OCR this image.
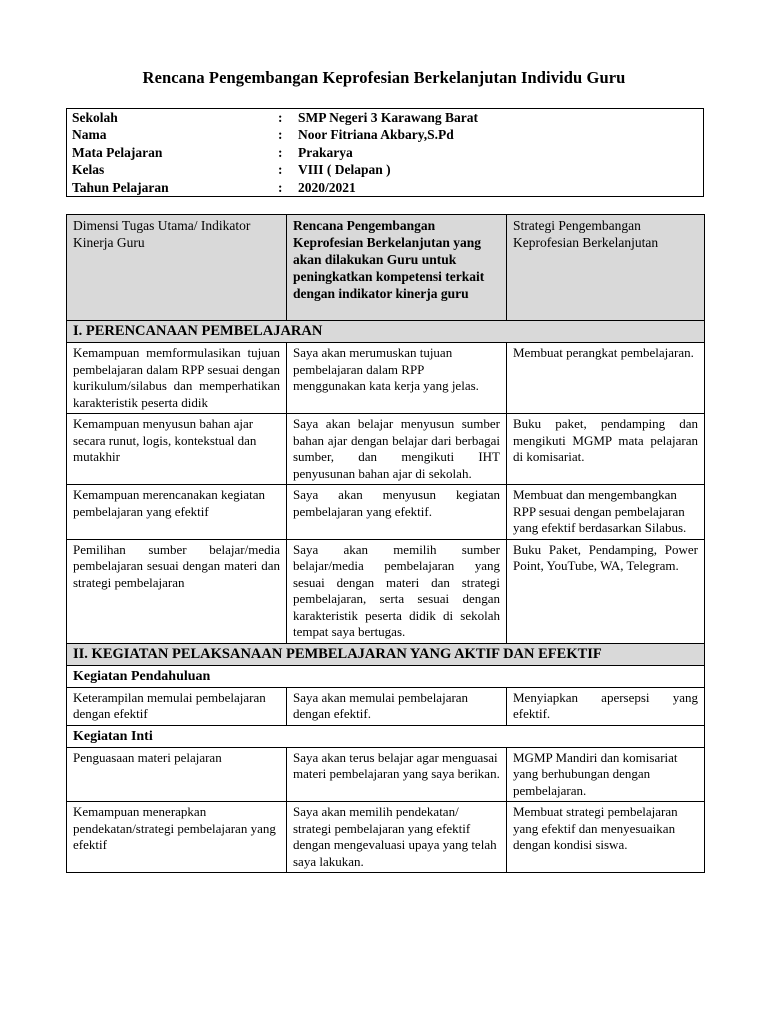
Rencana Pengembangan Keprofesian Berkelanjutan Individu Guru
Sekolah	:	SMP Negeri 3 Karawang Barat
Nama	:	Noor Fitriana Akbary,S.Pd
Mata Pelajaran	:	Prakarya
Kelas	:	VIII ( Delapan )
Tahun Pelajaran	:	2020/2021
Dimensi Tugas Utama/ Indikator Kinerja Guru	Rencana Pengembangan Keprofesian Berkelanjutan yang akan dilakukan Guru untuk peningkatkan kompetensi terkait dengan indikator kinerja guru	Strategi Pengembangan Keprofesian Berkelanjutan
I. PERENCANAAN PEMBELAJARAN		
Kemampuan memformulasikan tujuan pembelajaran dalam RPP sesuai dengan kurikulum/silabus dan memperhatikan karakteristik peserta didik	Saya akan merumuskan tujuan pembelajaran dalam RPP menggunakan kata kerja yang jelas.	Membuat perangkat pembelajaran.
Kemampuan menyusun bahan ajar secara runut, logis, kontekstual dan mutakhir	Saya akan belajar menyusun sumber bahan ajar dengan belajar dari berbagai sumber, dan mengikuti IHT penyusunan bahan ajar di sekolah.	Buku paket, pendamping dan mengikuti MGMP mata pelajaran di komisariat.
Kemampuan merencanakan kegiatan pembelajaran yang efektif	Saya akan menyusun kegiatan pembelajaran yang efektif.	Membuat dan mengembangkan RPP sesuai dengan pembelajaran yang efektif berdasarkan Silabus.
Pemilihan sumber belajar/media pembelajaran sesuai dengan materi dan strategi pembelajaran	Saya akan memilih sumber belajar/media pembelajaran yang sesuai dengan materi dan strategi pembelajaran, serta sesuai dengan karakteristik peserta didik di sekolah tempat saya bertugas.	Buku Paket, Pendamping, Power Point, YouTube, WA, Telegram.
II. KEGIATAN PELAKSANAAN PEMBELAJARAN YANG AKTIF DAN EFEKTIF		
Kegiatan Pendahuluan		
Keterampilan memulai pembelajaran dengan efektif	Saya akan memulai pembelajaran dengan efektif.	Menyiapkan apersepsi yang efektif.
Kegiatan Inti		
Penguasaan materi pelajaran	Saya akan terus belajar agar menguasai materi pembelajaran yang saya berikan.	MGMP Mandiri dan komisariat yang berhubungan dengan pembelajaran.
Kemampuan menerapkan pendekatan/strategi pembelajaran yang efektif	Saya akan memilih pendekatan/ strategi pembelajaran yang efektif dengan mengevaluasi upaya yang telah saya lakukan.	Membuat strategi pembelajaran yang efektif dan menyesuaikan dengan kondisi siswa.
